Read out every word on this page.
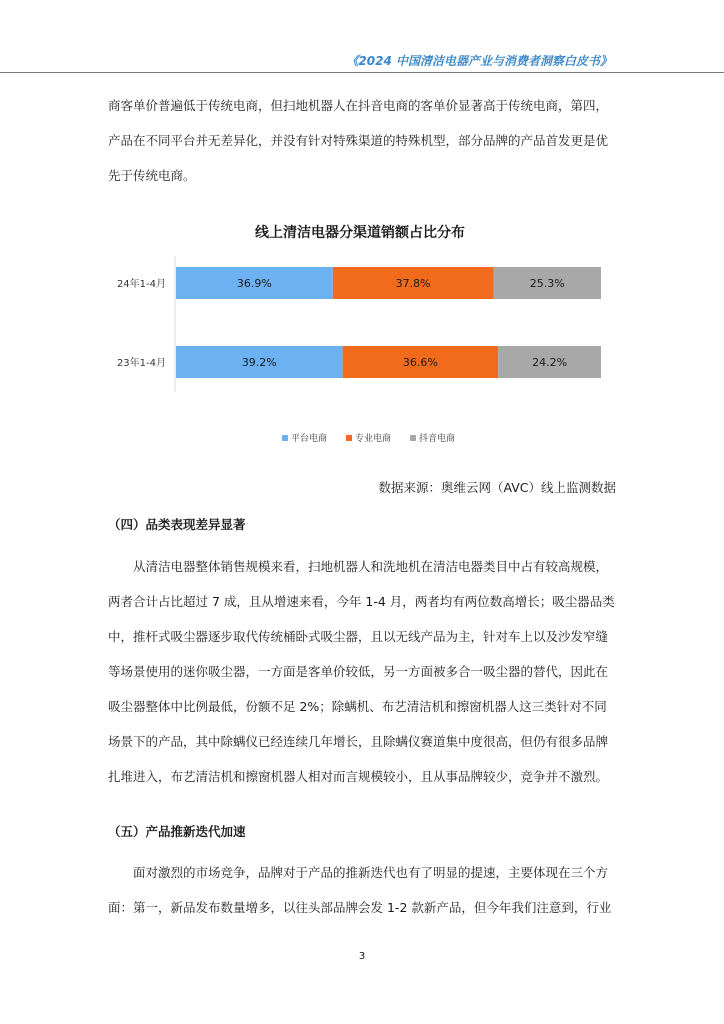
《2024 中国清洁电器产业与消费者洞察白皮书》
商客单价普遍低于传统电商，但扫地机器人在抖音电商的客单价显著高于传统电商，第四，
产品在不同平台并无差异化，并没有针对特殊渠道的特殊机型，部分品牌的产品首发更是优
先于传统电商。
线上清洁电器分渠道销额占比分布
24年1-4月	36.9%	37.8%	25.3%
23年1-4月	39.2%	36.6%	24.2%
平台电商	专业电商	抖音电商
数据来源：奥维云网（AVC）线上监测数据
（四）品类表现差异显著
从清洁电器整体销售规模来看，扫地机器人和洗地机在清洁电器类目中占有较高规模，
两者合计占比超过 7 成，且从增速来看，今年 1-4 月，两者均有两位数高增长；吸尘器品类
中，推杆式吸尘器逐步取代传统桶卧式吸尘器，且以无线产品为主，针对车上以及沙发窄缝
等场景使用的迷你吸尘器，一方面是客单价较低，另一方面被多合一吸尘器的替代，因此在
吸尘器整体中比例最低，份额不足 2%；除螨机、布艺清洁机和擦窗机器人这三类针对不同
场景下的产品，其中除螨仪已经连续几年增长，且除螨仪赛道集中度很高，但仍有很多品牌
扎堆进入，布艺清洁机和擦窗机器人相对而言规模较小，且从事品牌较少，竞争并不激烈。
（五）产品推新迭代加速
面对激烈的市场竞争，品牌对于产品的推新迭代也有了明显的提速，主要体现在三个方
面：第一，新品发布数量增多，以往头部品牌会发 1-2 款新产品，但今年我们注意到，行业
3
